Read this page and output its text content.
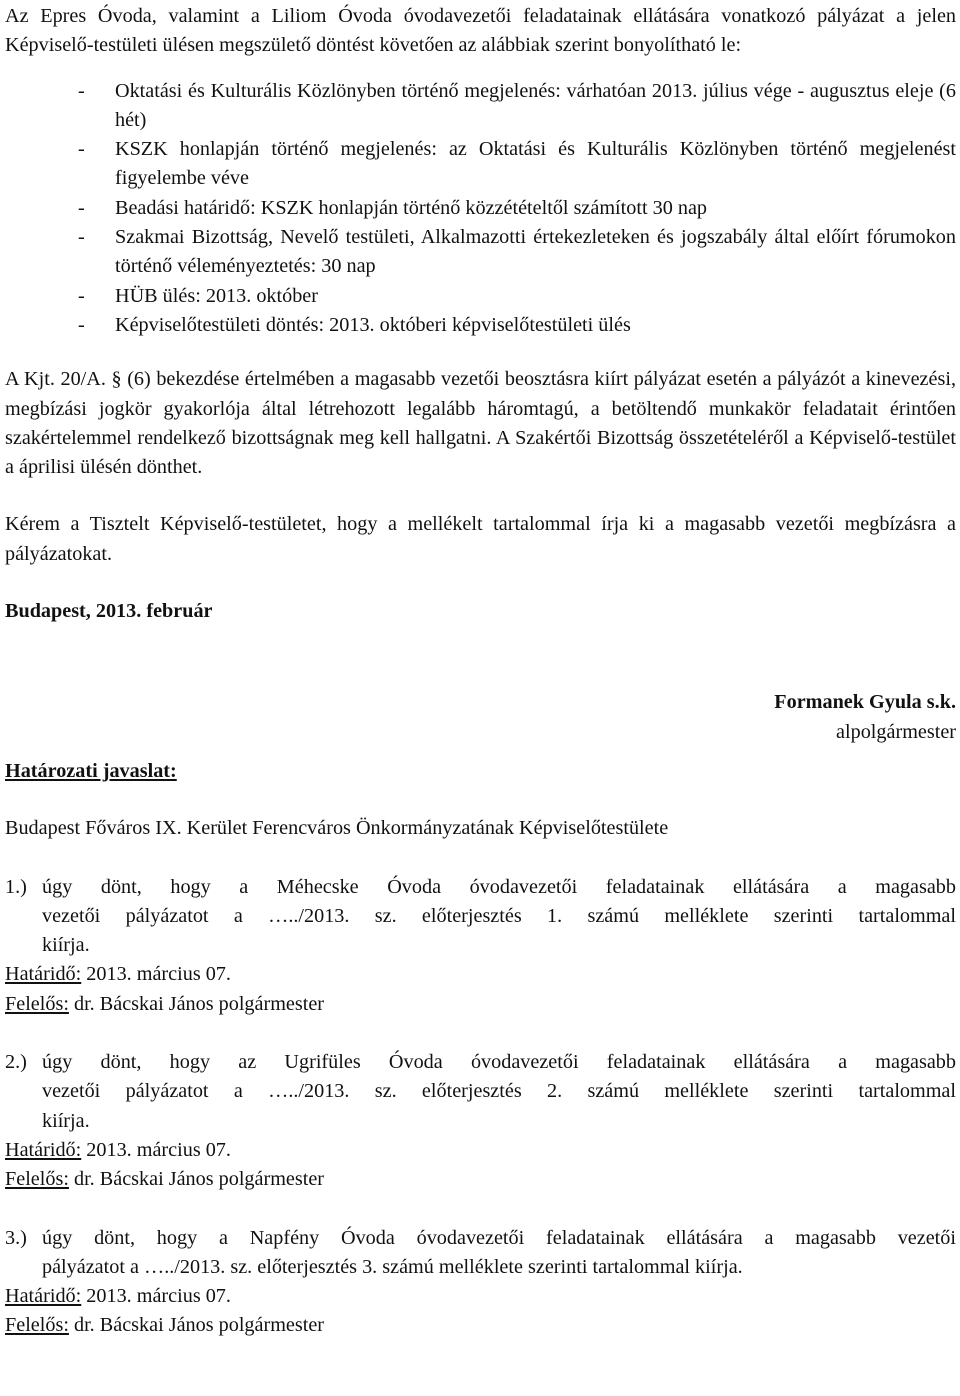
Az Epres Óvoda, valamint a Liliom Óvoda óvodavezetői feladatainak ellátására vonatkozó pályázat a jelen Képviselő-testületi ülésen megszülető döntést követően az alábbiak szerint bonyolítható le:

- Oktatási és Kulturális Közlönyben történő megjelenés: várhatóan 2013. július vége - augusztus eleje (6 hét)
- KSZK honlapján történő megjelenés: az Oktatási és Kulturális Közlönyben történő megjelenést figyelembe véve
- Beadási határidő: KSZK honlapján történő közzétételtől számított 30 nap
- Szakmai Bizottság, Nevelő testületi, Alkalmazotti értekezleteken és jogszabály által előírt fórumokon történő véleményeztetés: 30 nap
- HÜB ülés: 2013. október
- Képviselőtestületi döntés: 2013. októberi képviselőtestületi ülés

A Kjt. 20/A. § (6) bekezdése értelmében a magasabb vezetői beosztásra kiírt pályázat esetén a pályázót a kinevezési, megbízási jogkör gyakorlója által létrehozott legalább háromtagú, a betöltendő munkakör feladatait érintően szakértelemmel rendelkező bizottságnak meg kell hallgatni. A Szakértői Bizottság összetételéről a Képviselő-testület a áprilisi ülésén dönthet.

Kérem a Tisztelt Képviselő-testületet, hogy a mellékelt tartalommal írja ki a magasabb vezetői megbízásra a pályázatokat.

Budapest, 2013. február

Formanek Gyula s.k.

alpolgármester

Határozati javaslat:

Budapest Főváros IX. Kerület Ferencváros Önkormányzatának Képviselőtestülete

1.) úgy dönt, hogy a Méhecske Óvoda óvodavezetői feladatainak ellátására a magasabb

vezetői pályázatot a …../2013. sz. előterjesztés 1. számú melléklete szerinti tartalommal

kiírja.

Határidő: 2013. március 07.

Felelős: dr. Bácskai János polgármester

2.) úgy dönt, hogy az Ugrifüles Óvoda óvodavezetői feladatainak ellátására a magasabb

vezetői pályázatot a …../2013. sz. előterjesztés 2. számú melléklete szerinti tartalommal

kiírja.

Határidő: 2013. március 07.

Felelős: dr. Bácskai János polgármester

3.) úgy dönt, hogy a Napfény Óvoda óvodavezetői feladatainak ellátására a magasabb vezetői

pályázatot a …../2013. sz. előterjesztés 3. számú melléklete szerinti tartalommal kiírja.

Határidő: 2013. március 07.

Felelős: dr. Bácskai János polgármester
